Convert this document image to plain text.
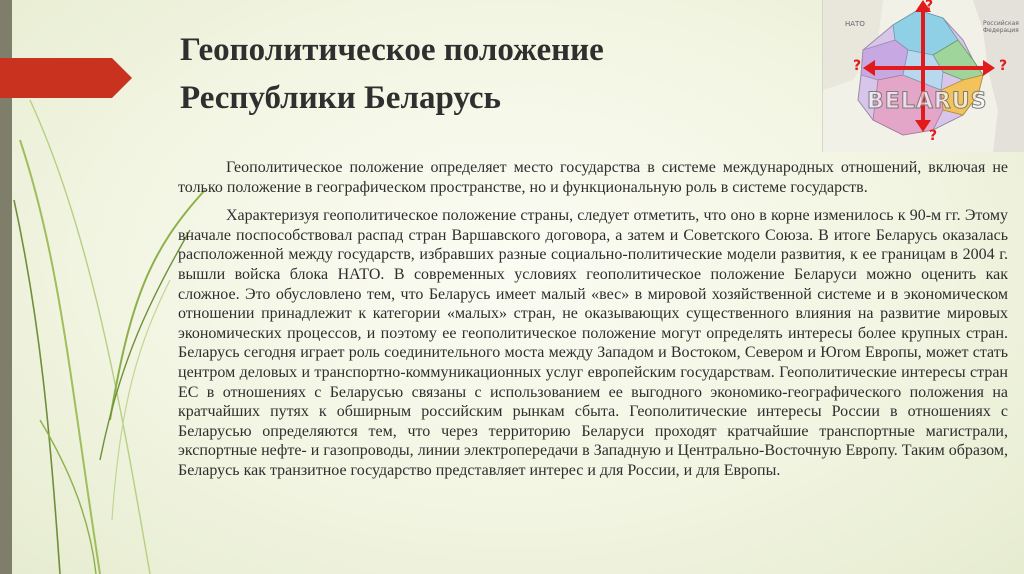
Геополитическое положение
Республики Беларусь
?
?	?
?
НАТО	Российская Федерация
BELARUS

Геополитическое положение определяет место государства в системе международных отношений, включая не только положение в географическом пространстве, но и функциональную роль в системе государств.

Характеризуя геополитическое положение страны, следует отметить, что оно в корне изменилось к 90-м гг. Этому вначале поспособствовал распад стран Варшавского договора, а затем и Советского Союза. В итоге Беларусь оказалась расположенной между государств, избравших разные социально-политические модели развития, к ее границам в 2004 г. вышли войска блока НАТО. В современных условиях геополитическое положение Беларуси можно оценить как сложное. Это обусловлено тем, что Беларусь имеет малый «вес» в мировой хозяйственной системе и в экономическом отношении принадлежит к категории «малых» стран, не оказывающих существенного влияния на развитие мировых экономических процессов, и поэтому ее геополитическое положение могут определять интересы более крупных стран. Беларусь сегодня играет роль соединительного моста между Западом и Востоком, Севером и Югом Европы, может стать центром деловых и транспортно-коммуникационных услуг европейским государствам. Геополитические интересы стран ЕС в отношениях с Беларусью связаны с использованием ее выгодного экономико-географического положения на кратчайших путях к обширным российским рынкам сбыта. Геополитические интересы России в отношениях с Беларусью определяются тем, что через территорию Беларуси проходят кратчайшие транспортные магистрали, экспортные нефте- и газопроводы, линии электропередачи в Западную и Центрально-Восточную Европу. Таким образом, Беларусь как транзитное государство представляет интерес и для России, и для Европы.
